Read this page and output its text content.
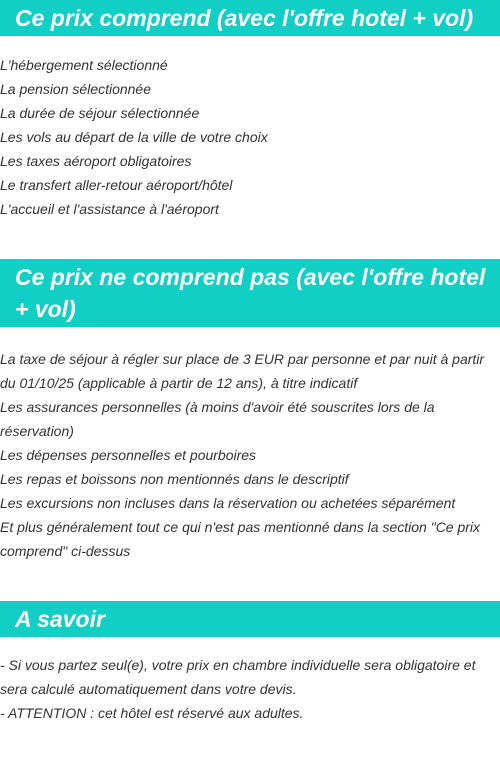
Ce prix comprend (avec l'offre hotel + vol)
L'hébergement sélectionné
La pension sélectionnée
La durée de séjour sélectionnée
Les vols au départ de la ville de votre choix
Les taxes aéroport obligatoires
Le transfert aller-retour aéroport/hôtel
L'accueil et l'assistance à l'aéroport
Ce prix ne comprend pas (avec l'offre hotel + vol)
La taxe de séjour à régler sur place de 3 EUR par personne et par nuit à partir du 01/10/25 (applicable à partir de 12 ans), à titre indicatif
Les assurances personnelles (à moins d'avoir été souscrites lors de la réservation)
Les dépenses personnelles et pourboires
Les repas et boissons non mentionnés dans le descriptif
Les excursions non incluses dans la réservation ou achetées séparément
Et plus généralement tout ce qui n'est pas mentionné dans la section "Ce prix comprend" ci-dessus
A savoir

- Si vous partez seul(e), votre prix en chambre individuelle sera obligatoire et sera calculé automatiquement dans votre devis.

- ATTENTION : cet hôtel est réservé aux adultes.
